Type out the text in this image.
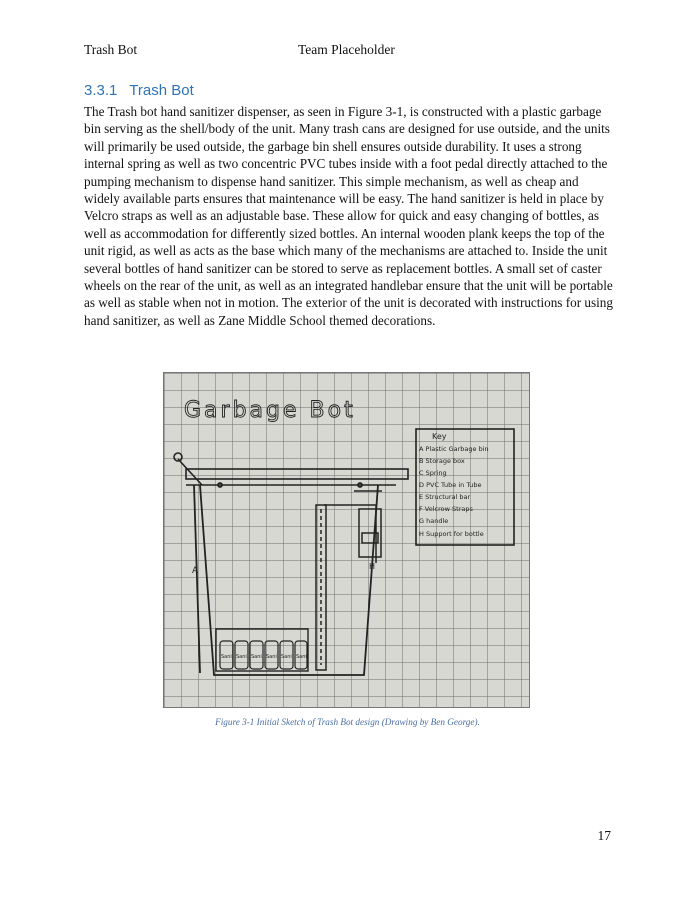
Trash Bot	Team Placeholder
3.3.1 Trash Bot
The Trash bot hand sanitizer dispenser, as seen in Figure 3-1, is constructed with a plastic garbage bin serving as the shell/body of the unit. Many trash cans are designed for use outside, and the units will primarily be used outside, the garbage bin shell ensures outside durability. It uses a strong internal spring as well as two concentric PVC tubes inside with a foot pedal directly attached to the pumping mechanism to dispense hand sanitizer. This simple mechanism, as well as cheap and widely available parts ensures that maintenance will be easy. The hand sanitizer is held in place by Velcro straps as well as an adjustable base. These allow for quick and easy changing of bottles, as well as accommodation for differently sized bottles. An internal wooden plank keeps the top of the unit rigid, as well as acts as the base which many of the mechanisms are attached to. Inside the unit several bottles of hand sanitizer can be stored to serve as replacement bottles. A small set of caster wheels on the rear of the unit, as well as an integrated handlebar ensure that the unit will be portable as well as stable when not in motion. The exterior of the unit is decorated with instructions for using hand sanitizer, as well as Zane Middle School themed decorations.
Garbage Bot
A	H
Sani Sani Sani Sani Sani Sani
Key
A Plastic Garbage bin
B Storage box
C Spring
D PVC Tube in Tube
E Structural bar
F Velcrow Straps
G handle
H Support for bottle
Figure 3-1 Initial Sketch of Trash Bot design (Drawing by Ben George).
17
